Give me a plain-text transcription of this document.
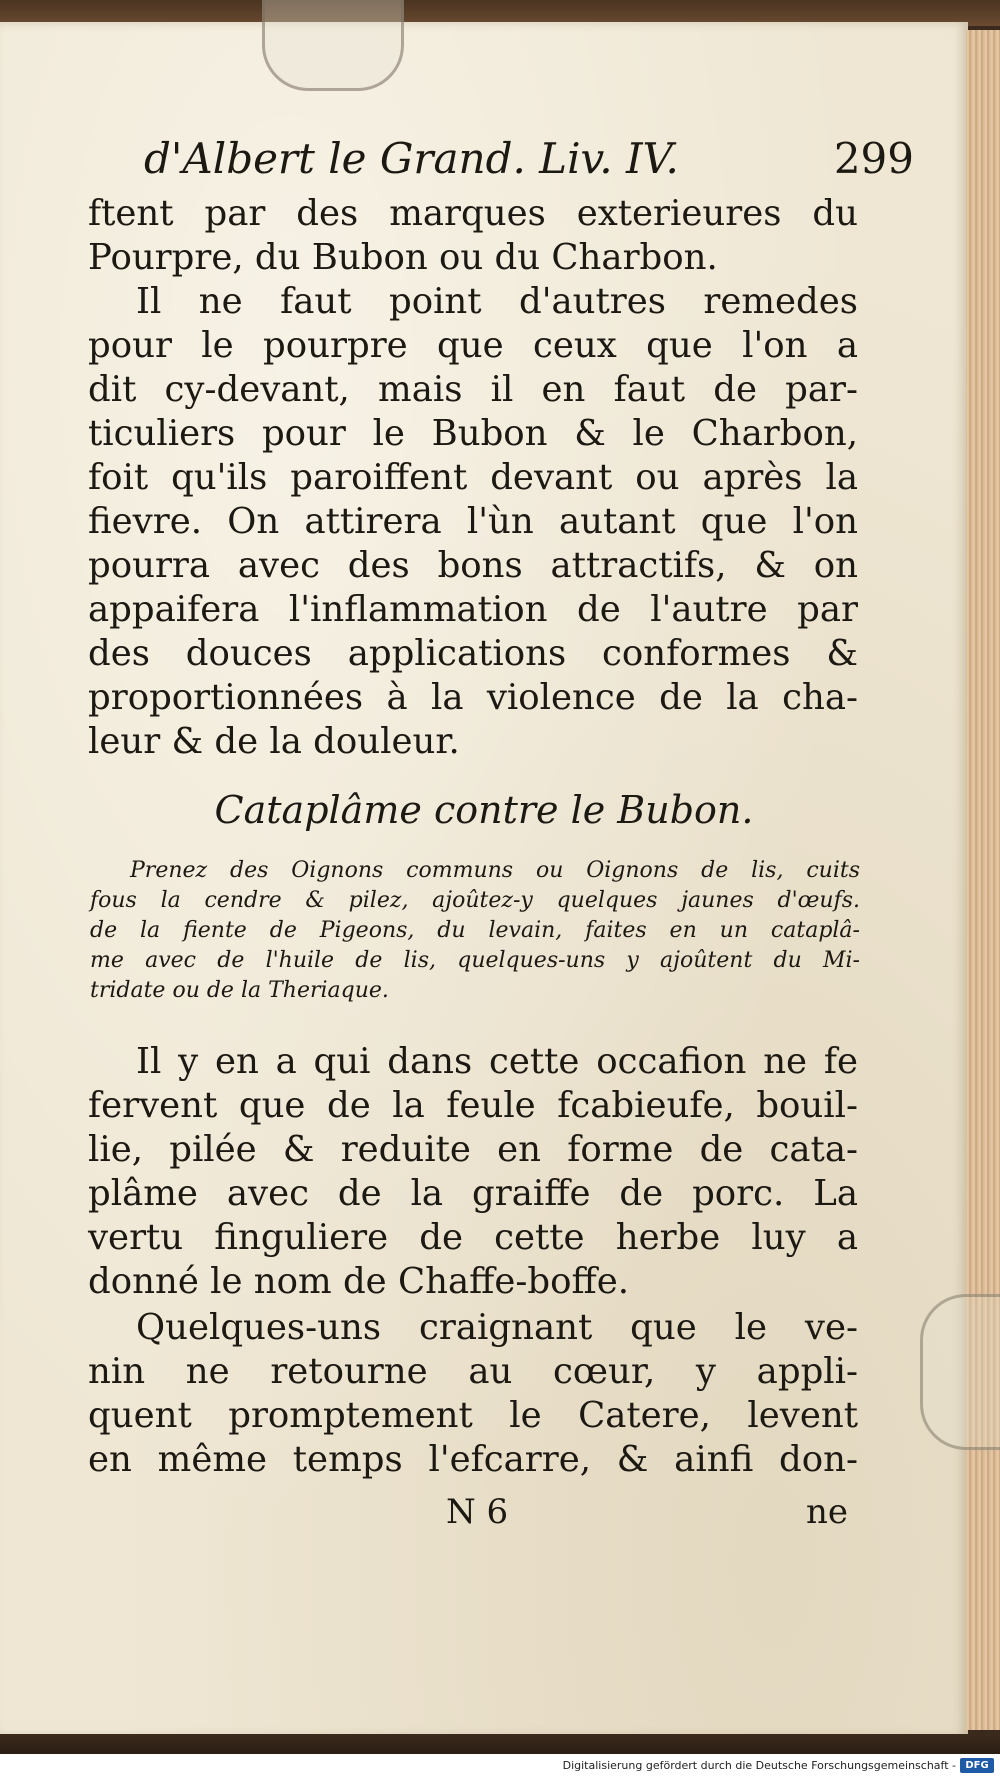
d'Albert le Grand. Liv. IV.	299
ftent par des marques exterieures du
Pourpre, du Bubon ou du Charbon.
Il ne faut point d'autres remedes
pour le pourpre que ceux que l'on a
dit cy-devant, mais il en faut de par-
ticuliers pour le Bubon & le Charbon,
foit qu'ils paroiffent devant ou après la
fievre. On attirera l'ùn autant que l'on
pourra avec des bons attractifs, & on
appaifera l'inflammation de l'autre par
des douces applications conformes &
proportionnées à la violence de la cha-
leur & de la douleur.
Cataplâme contre le Bubon.
Prenez des Oignons communs ou Oignons de lis, cuits
fous la cendre & pilez, ajoûtez-y quelques jaunes d'œufs.
de la fiente de Pigeons, du levain, faites en un cataplâ-
me avec de l'huile de lis, quelques-uns y ajoûtent du Mi-
tridate ou de la Theriaque.
Il y en a qui dans cette occafion ne fe
fervent que de la feule fcabieufe, bouil-
lie, pilée & reduite en forme de cata-
plâme avec de la graiffe de porc. La
vertu finguliere de cette herbe luy a
donné le nom de Chaffe-boffe.
Quelques-uns craignant que le ve-
nin ne retourne au cœur, y appli-
quent promptement le Catere, levent
en même temps l'efcarre, & ainfi don-
N 6	ne
Digitalisierung gefördert durch die Deutsche Forschungsgemeinschaft - DFG
